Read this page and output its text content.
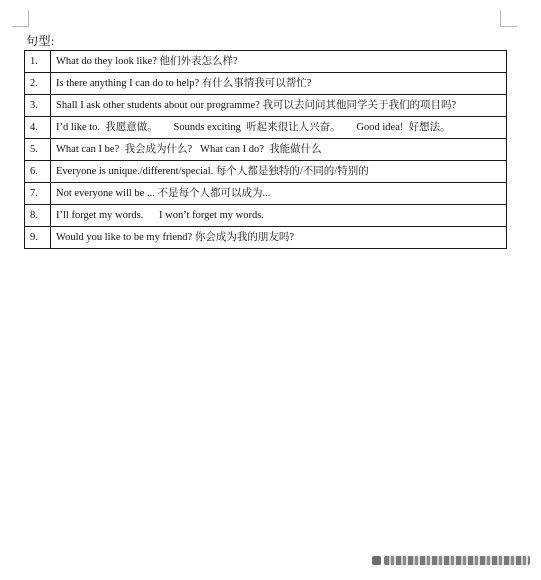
句型:
1.	What do they look like? 他们外表怎么样?
2.	Is there anything I can do to help? 有什么事情我可以帮忙?
3.	Shall I ask other students about our programme? 我可以去问问其他同学关于我们的项目吗?
4.	I’d like to.  我愿意做。      Sounds exciting  听起来很让人兴奋。      Good idea!  好想法。
5.	What can I be?  我会成为什么?   What can I do?  我能做什么
6.	Everyone is unique./different/special. 每个人都是独特的/不同的/特别的
7.	Not everyone will be ... 不是每个人都可以成为...
8.	I’ll forget my words.      I won’t forget my words.
9.	Would you like to be my friend? 你会成为我的朋友吗?
